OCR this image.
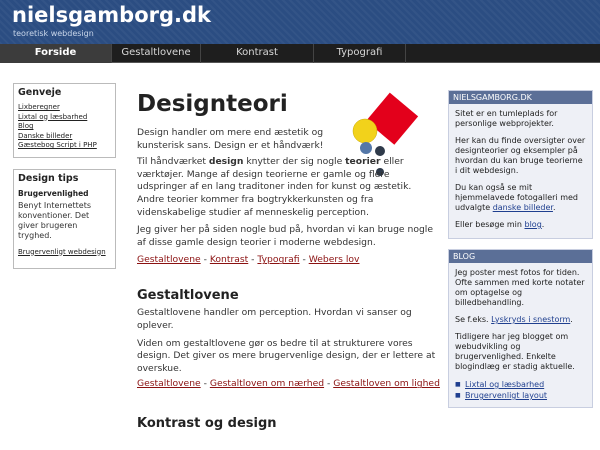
nielsgamborg.dk
teoretisk webdesign
Forside	Gestaltlovene	Kontrast	Typografi
Genveje
Lixberegner
Lixtal og læsbarhed
Blog
Danske billeder
Gæstebog Script i PHP
Design tips
Brugervenlighed

Benyt Internettets konventioner. Det giver brugeren tryghed.

Brugervenligt webdesign
Designteori

Design handler om mere end æstetik og kunsterisk sans. Design er et håndværk!

Til håndværket design knytter der sig nogle teorier eller værktøjer. Mange af design teorierne er gamle og flere udspringer af en lang traditoner inden for kunst og æstetik. Andre teorier kommer fra bogtrykkerkunsten og fra videnskabelige studier af menneskelig perception.

Jeg giver her på siden nogle bud på, hvordan vi kan bruge nogle af disse gamle design teorier i moderne webdesign.

Gestaltlovene - Kontrast - Typografi - Webers lov
Gestaltlovene

Gestaltlovene handler om perception. Hvordan vi sanser og oplever.

Viden om gestaltlovene gør os bedre til at strukturere vores design. Det giver os mere brugervenlige design, der er lettere at overskue.

Gestaltlovene - Gestaltloven om nærhed - Gestaltloven om lighed
Kontrast og design
NIELSGAMBORG.DK

Sitet er en tumleplads for personlige webprojekter.

Her kan du finde oversigter over designteorier og eksempler på hvordan du kan bruge teorierne i dit webdesign.

Du kan også se mit hjemmelavede fotogalleri med udvalgte danske billeder.

Eller besøge min blog.

BLOG

Jeg poster mest fotos for tiden. Ofte sammen med korte notater om optagelse og billedbehandling.

Se f.eks. Lyskryds i snestorm.

Tidligere har jeg blogget om webudvikling og brugervenlighed. Enkelte blogindlæg er stadig aktuelle.

■ Lixtal og læsbarhed
■ Brugervenligt layout
